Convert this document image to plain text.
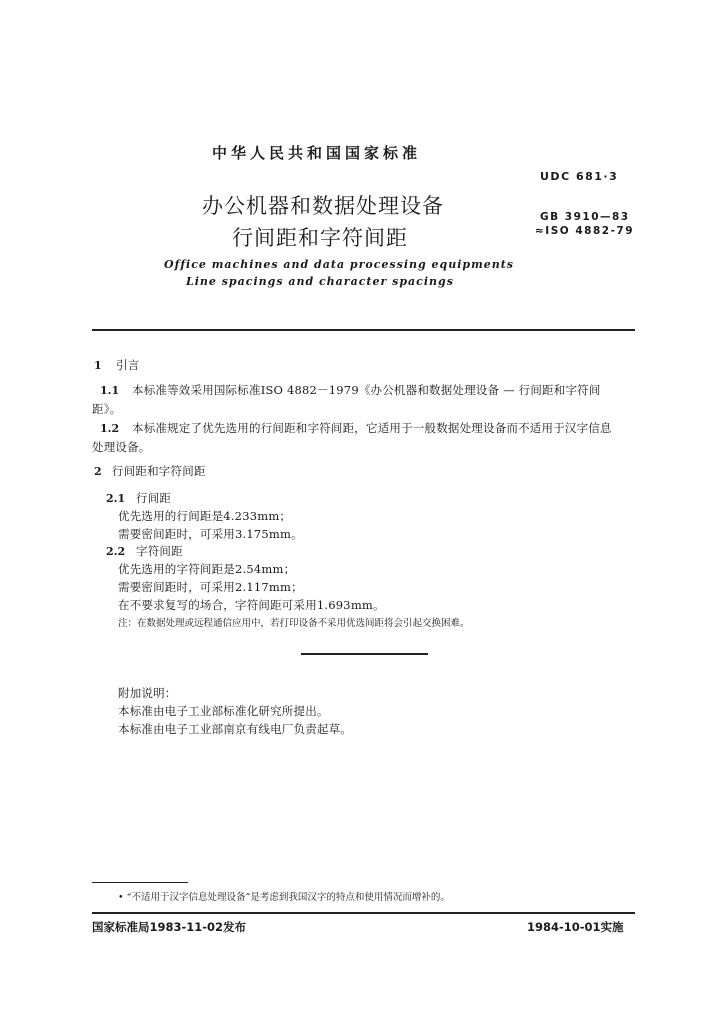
中华人民共和国国家标准
UDC 681·3
办公机器和数据处理设备
行间距和字符间距
GB 3910—83
≈ISO 4882-79
Office machines and data processing equipments
Line spacings and character spacings
1 引言
1.1 本标准等效采用国际标准ISO 4882－1979《办公机器和数据处理设备 — 行间距和字符间
距》。
1.2 本标准规定了优先选用的行间距和字符间距，它适用于一般数据处理设备而不适用于汉字信息
处理设备。
2 行间距和字符间距
2.1 行间距
优先选用的行间距是4.233mm；
需要密间距时，可采用3.175mm。
2.2 字符间距
优先选用的字符间距是2.54mm；
需要密间距时，可采用2.117mm；
在不要求复写的场合，字符间距可采用1.693mm。
注：在数据处理或远程通信应用中，若打印设备不采用优选间距将会引起交换困难。
附加说明：
本标准由电子工业部标准化研究所提出。
本标准由电子工业部南京有线电厂负责起草。
• “不适用于汉字信息处理设备”是考虑到我国汉字的特点和使用情况而增补的。
国家标准局1983-11-02发布	1984-10-01实施
